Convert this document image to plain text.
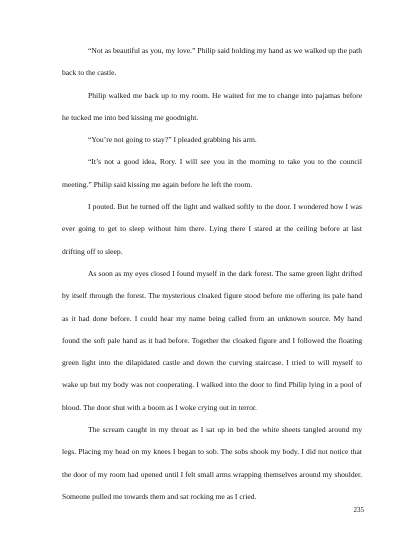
“Not as beautiful as you, my love.” Philip said holding my hand as we walked up the path back to the castle.

Philip walked me back up to my room. He waited for me to change into pajamas before he tucked me into bed kissing me goodnight.

“You’re not going to stay?” I pleaded grabbing his arm.

“It’s not a good idea, Rory. I will see you in the morning to take you to the council meeting.” Philip said kissing me again before he left the room.

I pouted. But he turned off the light and walked softly to the door. I wondered how I was ever going to get to sleep without him there. Lying there I stared at the ceiling before at last drifting off to sleep.

As soon as my eyes closed I found myself in the dark forest. The same green light drifted by itself through the forest. The mysterious cloaked figure stood before me offering its pale hand as it had done before. I could hear my name being called from an unknown source. My hand found the soft pale hand as it had before. Together the cloaked figure and I followed the floating green light into the dilapidated castle and down the curving staircase. I tried to will myself to wake up but my body was not cooperating. I walked into the door to find Philip lying in a pool of blood. The door shut with a boom as I woke crying out in terror.

The scream caught in my throat as I sat up in bed the white sheets tangled around my legs. Placing my head on my knees I began to sob. The sobs shook my body. I did not notice that the door of my room had opened until I felt small arms wrapping themselves around my shoulder. Someone pulled me towards them and sat rocking me as I cried.

235
